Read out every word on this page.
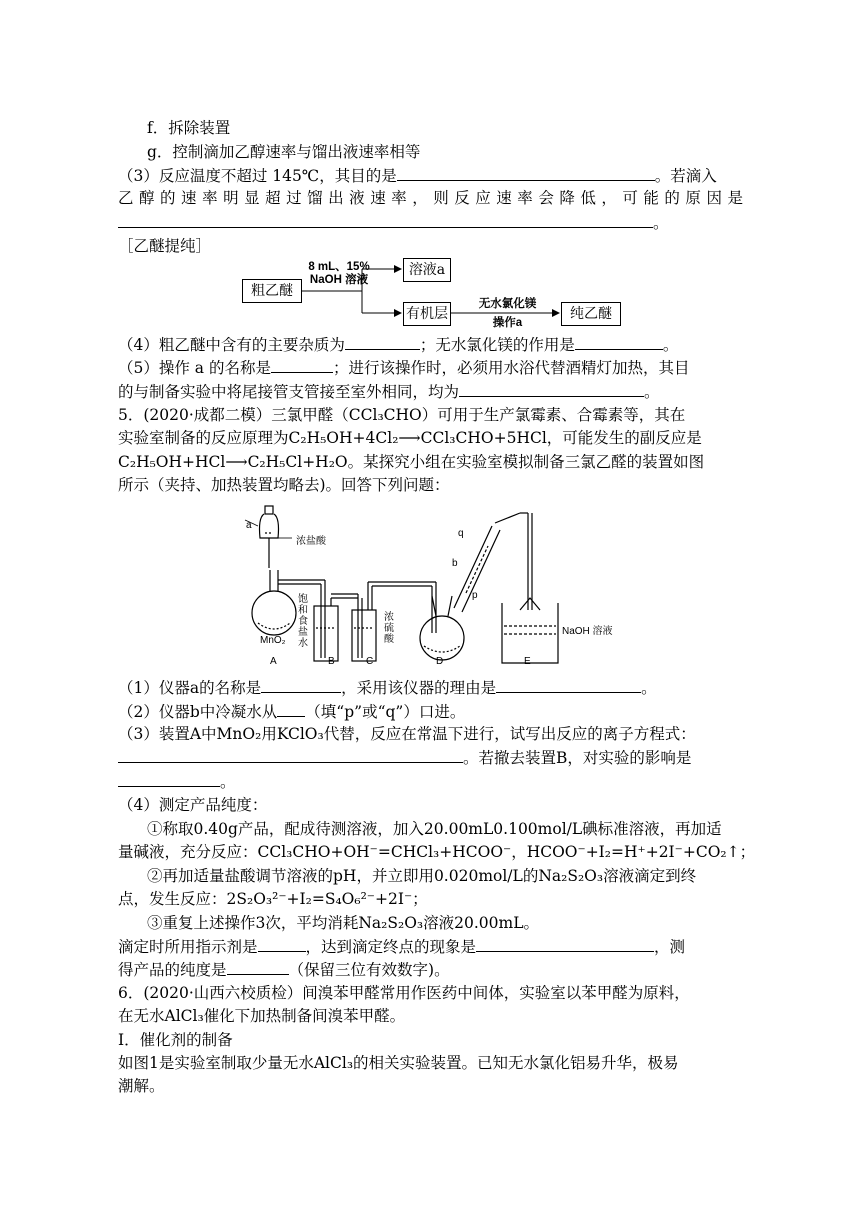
f．拆除装置
g．控制滴加乙醇速率与馏出液速率相等
（3）反应温度不超过 145℃，其目的是	。若滴入
乙 醇 的 速 率 明 显 超 过 馏 出 液 速 率 ， 则 反 应 速 率 会 降 低 ， 可 能 的 原 因 是
。
［乙醚提纯］
粗乙醚
8 mL、15%
NaOH 溶液
溶液a
有机层
无水氯化镁
操作a
纯乙醚
（4）粗乙醚中含有的主要杂质为	；无水氯化镁的作用是	。
（5）操作 a 的名称是	；进行该操作时，必须用水浴代替酒精灯加热，其目
的与制备实验中将尾接管支管接至室外相同，均为	。
5．(2020·成都二模）三氯甲醛（CCl₃CHO）可用于生产氯霉素、合霉素等，其在
实验室制备的反应原理为C₂H₅OH+4Cl₂⟶CCl₃CHO+5HCl，可能发生的副反应是
C₂H₅OH+HCl⟶C₂H₅Cl+H₂O。某探究小组在实验室模拟制备三氯乙醛的装置如图
所示（夹持、加热装置均略去)。回答下列问题：
a
浓盐酸
MnO₂
饱
和
食
盐
水
浓
硫
酸
q
b
p
NaOH 溶液
A	B	C	D	E
（1）仪器a的名称是	，采用该仪器的理由是	。
（2）仪器b中冷凝水从 （填“p”或“q”）口进。
（3）装置A中MnO₂用KClO₃代替，反应在常温下进行，试写出反应的离子方程式：
。若撤去装置B，对实验的影响是
。
（4）测定产品纯度：
①称取0.40g产品，配成待测溶液，加入20.00mL0.100mol/L碘标准溶液，再加适
量碱液，充分反应：CCl₃CHO+OH⁻=CHCl₃+HCOO⁻，HCOO⁻+I₂=H⁺+2I⁻+CO₂↑；
②再加适量盐酸调节溶液的pH，并立即用0.020mol/L的Na₂S₂O₃溶液滴定到终
点，发生反应：2S₂O₃²⁻+I₂=S₄O₆²⁻+2I⁻；
③重复上述操作3次，平均消耗Na₂S₂O₃溶液20.00mL。
滴定时所用指示剂是	，达到滴定终点的现象是	，测
得产品的纯度是	（保留三位有效数字)。
6．(2020·山西六校质检）间溴苯甲醛常用作医药中间体，实验室以苯甲醛为原料，
在无水AlCl₃催化下加热制备间溴苯甲醛。
Ⅰ．催化剂的制备
如图1是实验室制取少量无水AlCl₃的相关实验装置。已知无水氯化铝易升华，极易
潮解。
